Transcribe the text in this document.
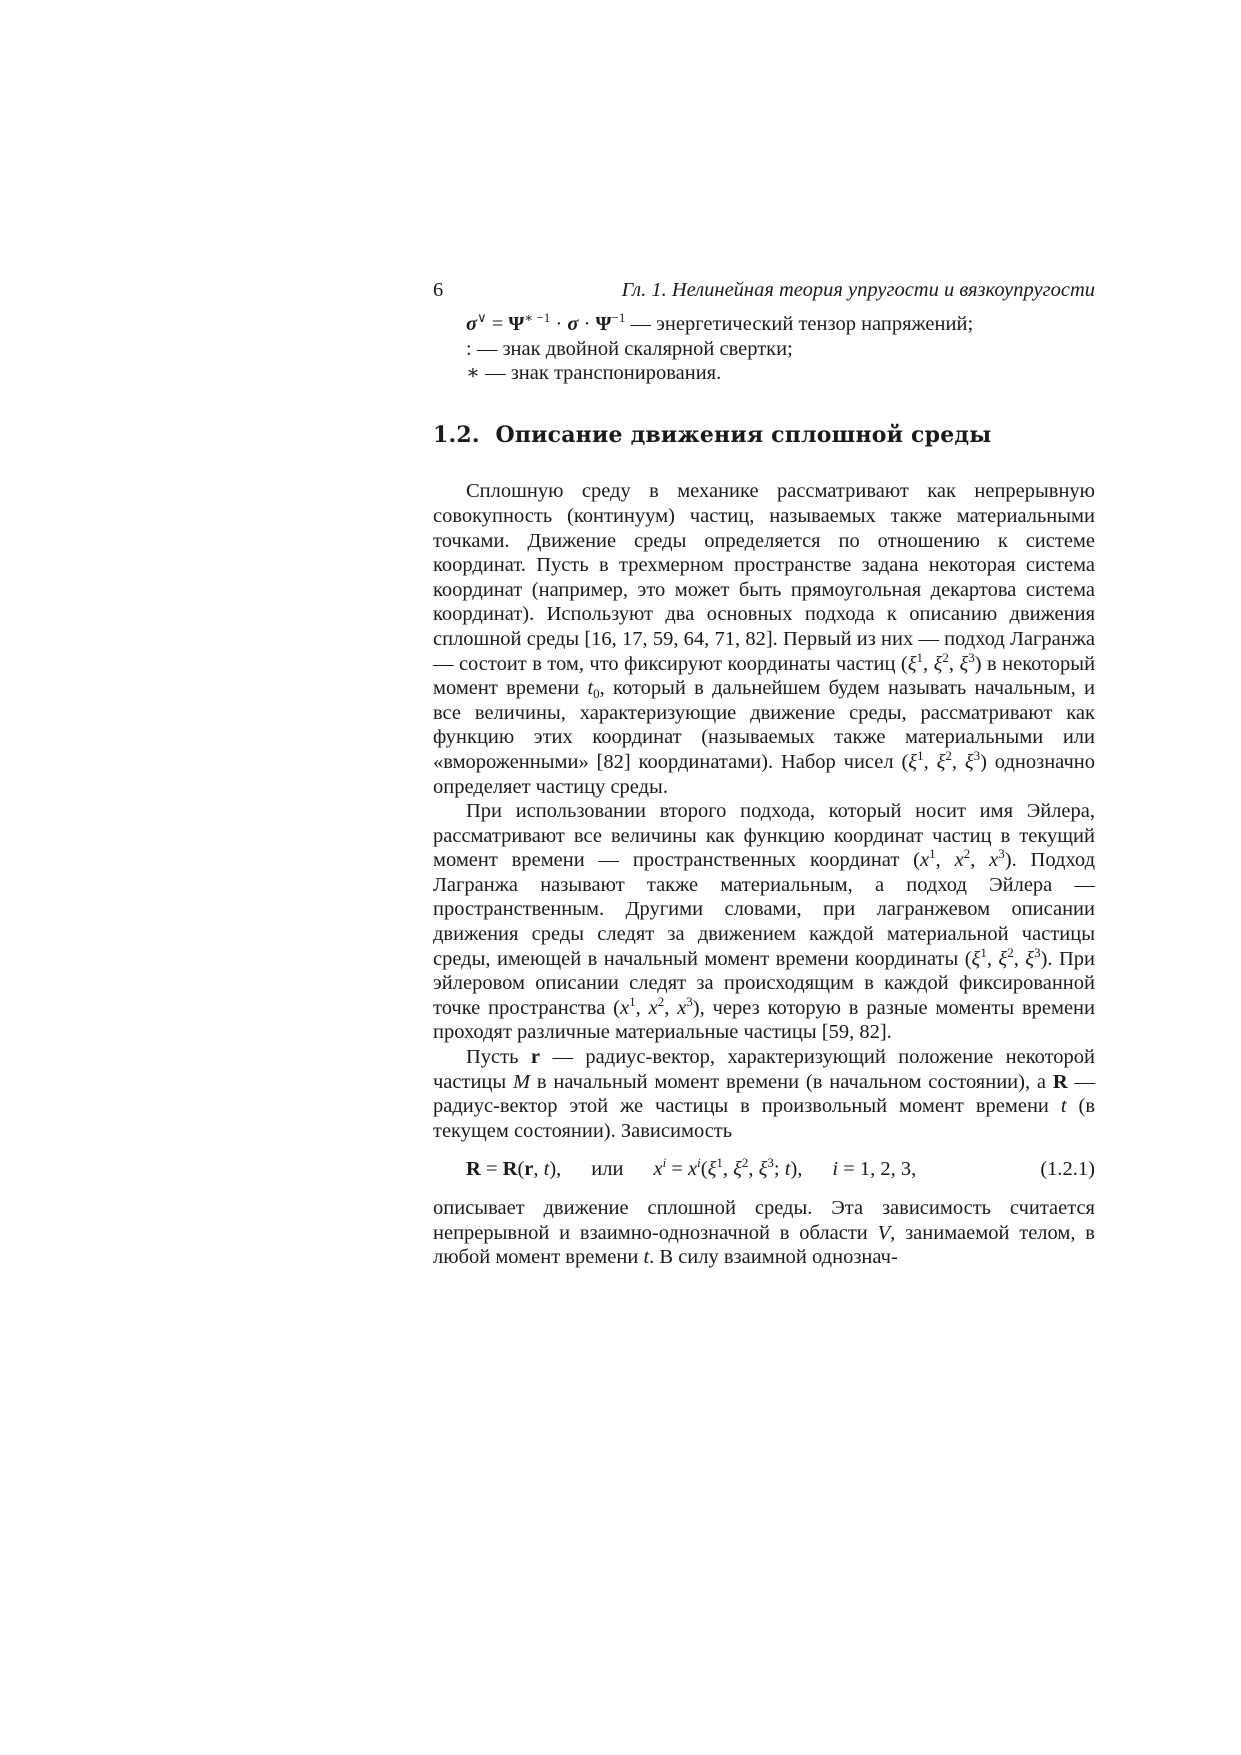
6	Гл. 1. Нелинейная теория упругости и вязкоупругости
$\sigma^\vee = \Psi^{∗ -1} \cdot \sigma \cdot \Psi^{-1}$ — энергетический тензор напряжений;
: — знак двойной скалярной свертки;
∗ — знак транспонирования.
1.2. Описание движения сплошной среды

Сплошную среду в механике рассматривают как непрерывную совокупность (континуум) частиц, называемых также материальными точками. Движение среды определяется по отношению к системе координат. Пусть в трехмерном пространстве задана некоторая система координат (например, это может быть прямоугольная декартова система координат). Используют два основных подхода к описанию движения сплошной среды [16, 17, 59, 64, 71, 82]. Первый из них — подход Лагранжа — состоит в том, что фиксируют координаты частиц ($\xi^1$, $\xi^2$, $\xi^3$) в некоторый момент времени $t_0$, который в дальнейшем будем называть начальным, и все величины, характеризующие движение среды, рассматривают как функцию этих координат (называемых также материальными или «вмороженными» [82] координатами). Набор чисел ($\xi^1$, $\xi^2$, $\xi^3$) однозначно определяет частицу среды.

При использовании второго подхода, который носит имя Эйлера, рассматривают все величины как функцию координат частиц в текущий момент времени — пространственных координат ($x^1$, $x^2$, $x^3$). Подход Лагранжа называют также материальным, а подход Эйлера — пространственным. Другими словами, при лагранжевом описании движения среды следят за движением каждой материальной частицы среды, имеющей в начальный момент времени координаты ($\xi^1$, $\xi^2$, $\xi^3$). При эйлеровом описании следят за происходящим в каждой фиксированной точке пространства ($x^1$, $x^2$, $x^3$), через которую в разные моменты времени проходят различные материальные частицы [59, 82].

Пусть r — радиус-вектор, характеризующий положение некоторой частицы M в начальный момент времени (в начальном состоянии), а R — радиус-вектор этой же частицы в произвольный момент времени t (в текущем состоянии). Зависимость

R = R(r, t), или $x^i = x^i(\xi^1$, $\xi^2$, $\xi^3$; t), i = 1, 2, 3,	(1.2.1)

описывает движение сплошной среды. Эта зависимость считается непрерывной и взаимно-однозначной в области V, занимаемой телом, в любой момент времени t. В силу взаимной однознач-
